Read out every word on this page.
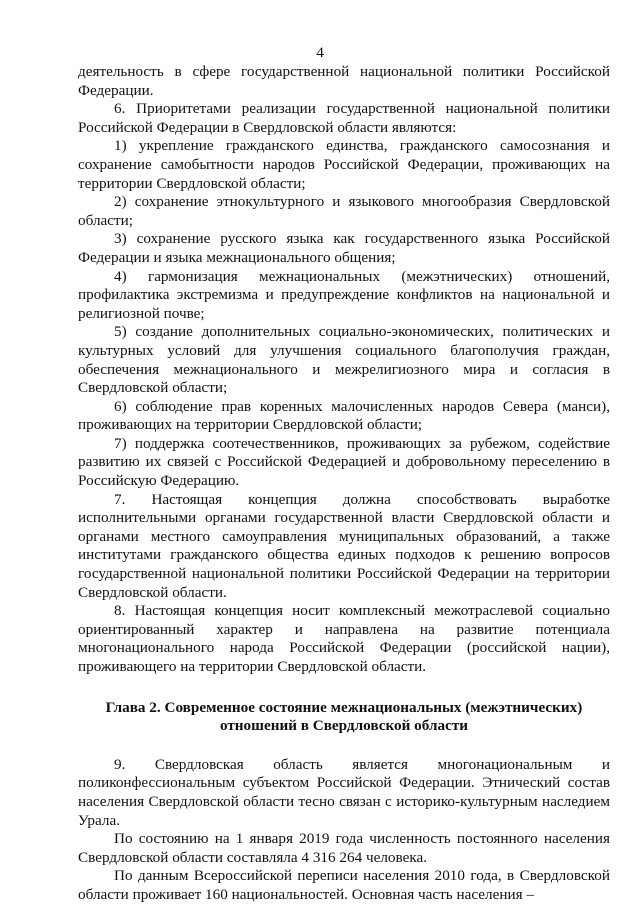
4

деятельность в сфере государственной национальной политики Российской Федерации.

6. Приоритетами реализации государственной национальной политики Российской Федерации в Свердловской области являются:

1) укрепление гражданского единства, гражданского самосознания и сохранение самобытности народов Российской Федерации, проживающих на территории Свердловской области;

2) сохранение этнокультурного и языкового многообразия Свердловской области;

3) сохранение русского языка как государственного языка Российской Федерации и языка межнационального общения;

4) гармонизация межнациональных (межэтнических) отношений, профилактика экстремизма и предупреждение конфликтов на национальной и религиозной почве;

5) создание дополнительных социально-экономических, политических и культурных условий для улучшения социального благополучия граждан, обеспечения межнационального и межрелигиозного мира и согласия в Свердловской области;

6) соблюдение прав коренных малочисленных народов Севера (манси), проживающих на территории Свердловской области;

7) поддержка соотечественников, проживающих за рубежом, содействие развитию их связей с Российской Федерацией и добровольному переселению в Российскую Федерацию.

7. Настоящая концепция должна способствовать выработке исполнительными органами государственной власти Свердловской области и органами местного самоуправления муниципальных образований, а также институтами гражданского общества единых подходов к решению вопросов государственной национальной политики Российской Федерации на территории Свердловской области.

8. Настоящая концепция носит комплексный межотраслевой социально ориентированный характер и направлена на развитие потенциала многонационального народа Российской Федерации (российской нации), проживающего на территории Свердловской области.

Глава 2. Современное состояние межнациональных (межэтнических) отношений в Свердловской области

9. Свердловская область является многонациональным и поликонфессиональным субъектом Российской Федерации. Этнический состав населения Свердловской области тесно связан с историко-культурным наследием Урала.

По состоянию на 1 января 2019 года численность постоянного населения Свердловской области составляла 4 316 264 человека.

По данным Всероссийской переписи населения 2010 года, в Свердловской области проживает 160 национальностей. Основная часть населения –
